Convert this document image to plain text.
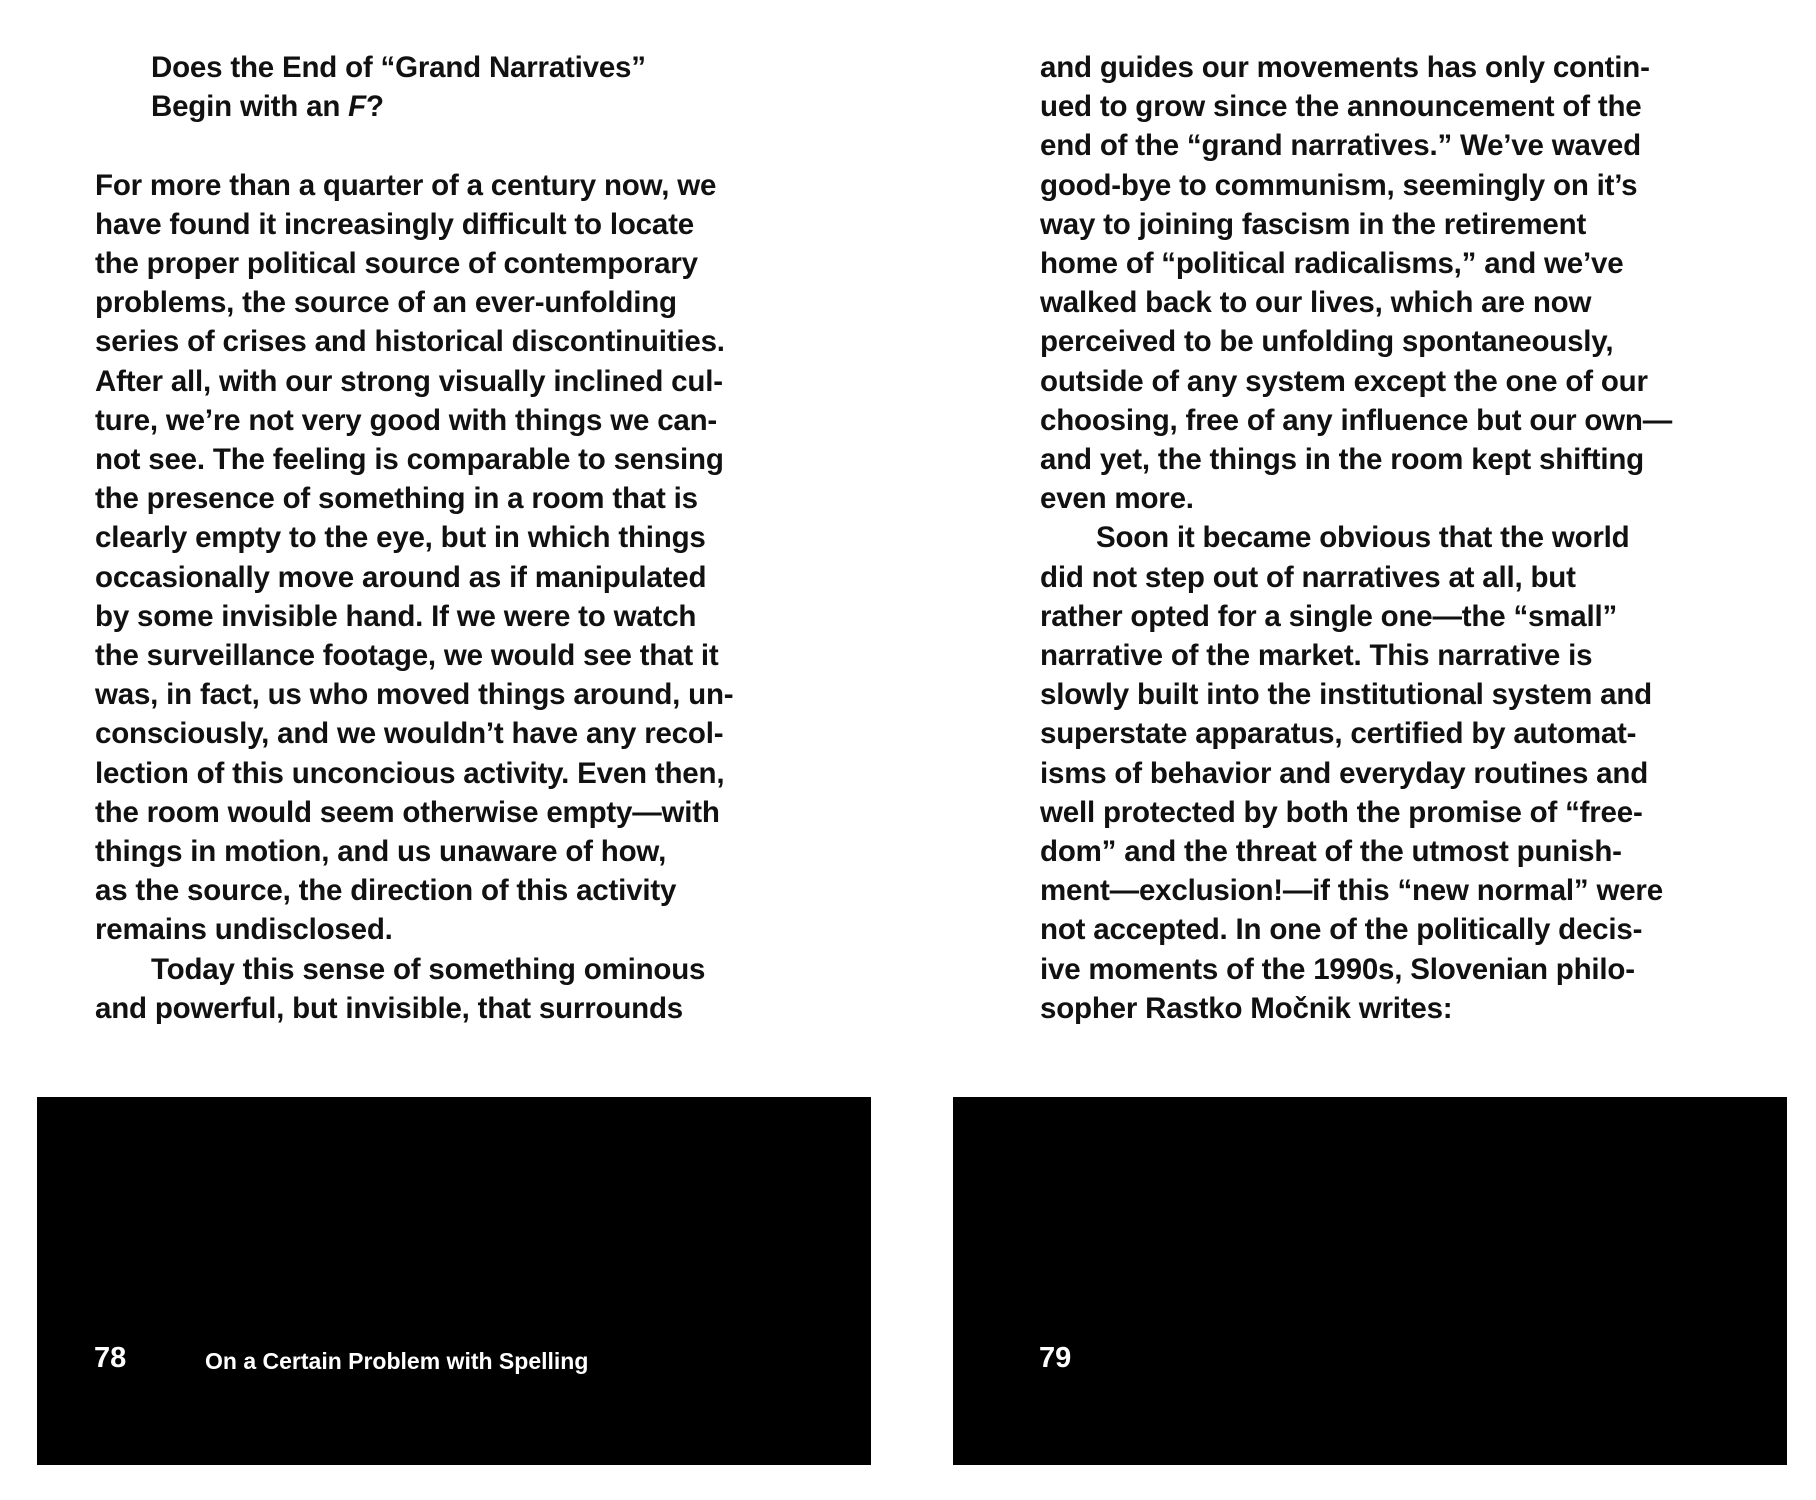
Does the End of “Grand Narratives”
Begin with an F?
For more than a quarter of a century now, we
have found it increasingly difficult to locate
the proper political source of contemporary
problems, the source of an ever-unfolding
series of crises and historical discontinuities.
After all, with our strong visually inclined cul-
ture, we’re not very good with things we can-
not see. The feeling is comparable to sensing
the presence of something in a room that is
clearly empty to the eye, but in which things
occasionally move around as if manipulated
by some invisible hand. If we were to watch
the surveillance footage, we would see that it
was, in fact, us who moved things around, un-
consciously, and we wouldn’t have any recol-
lection of this unconcious activity. Even then,
the room would seem otherwise empty—with
things in motion, and us unaware of how,
as the source, the direction of this activity
remains undisclosed.
Today this sense of something ominous
and powerful, but invisible, that surrounds
78	On a Certain Problem with Spelling
and guides our movements has only contin-
ued to grow since the announcement of the
end of the “grand narratives.” We’ve waved
good-bye to communism, seemingly on it’s
way to joining fascism in the retirement
home of “political radicalisms,” and we’ve
walked back to our lives, which are now
perceived to be unfolding spontaneously,
outside of any system except the one of our
choosing, free of any influence but our own—
and yet, the things in the room kept shifting
even more.
Soon it became obvious that the world
did not step out of narratives at all, but
rather opted for a single one—the “small”
narrative of the market. This narrative is
slowly built into the institutional system and
superstate apparatus, certified by automat-
isms of behavior and everyday routines and
well protected by both the promise of “free-
dom” and the threat of the utmost punish-
ment—exclusion!—if this “new normal” were
not accepted. In one of the politically decis-
ive moments of the 1990s, Slovenian philo-
sopher Rastko Močnik writes:
79
